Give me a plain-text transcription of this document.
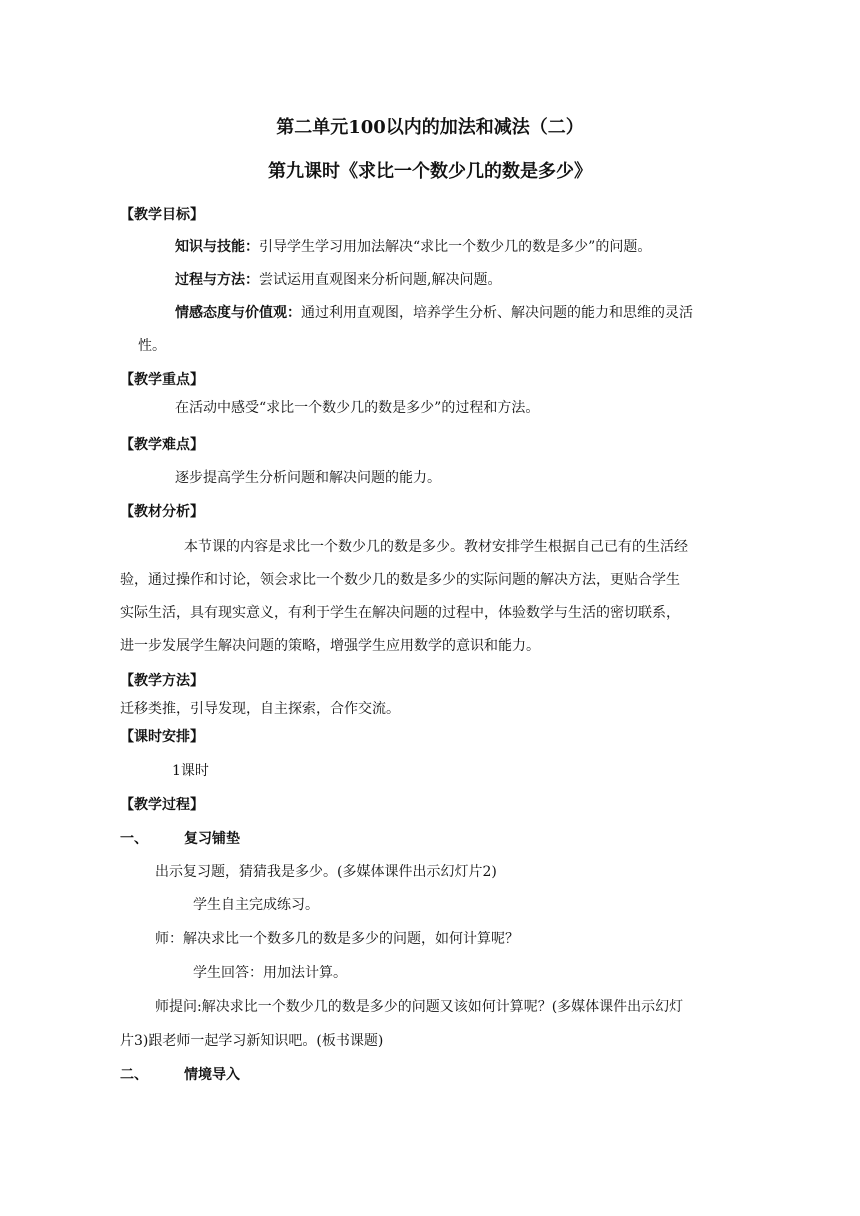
第二单元100以内的加法和减法（二）
第九课时《求比一个数少几的数是多少》
【教学目标】
知识与技能：引导学生学习用加法解决“求比一个数少几的数是多少”的问题。
过程与方法：尝试运用直观图来分析问题,解决问题。
情感态度与价值观：通过利用直观图，培养学生分析、解决问题的能力和思维的灵活
性。
【教学重点】
在活动中感受“求比一个数少几的数是多少”的过程和方法。
【教学难点】
逐步提高学生分析问题和解决问题的能力。
【教材分析】
本节课的内容是求比一个数少几的数是多少。教材安排学生根据自己已有的生活经
验，通过操作和讨论，领会求比一个数少几的数是多少的实际问题的解决方法，更贴合学生
实际生活，具有现实意义，有利于学生在解决问题的过程中，体验数学与生活的密切联系，
进一步发展学生解决问题的策略，增强学生应用数学的意识和能力。
【教学方法】
迁移类推，引导发现，自主探索，合作交流。
【课时安排】
1课时
【教学过程】
一、	复习铺垫
出示复习题，猜猜我是多少。(多媒体课件出示幻灯片2)
学生自主完成练习。
师：解决求比一个数多几的数是多少的问题，如何计算呢？
学生回答：用加法计算。
师提问:解决求比一个数少几的数是多少的问题又该如何计算呢？(多媒体课件出示幻灯
片3)跟老师一起学习新知识吧。(板书课题)
二、	情境导入
